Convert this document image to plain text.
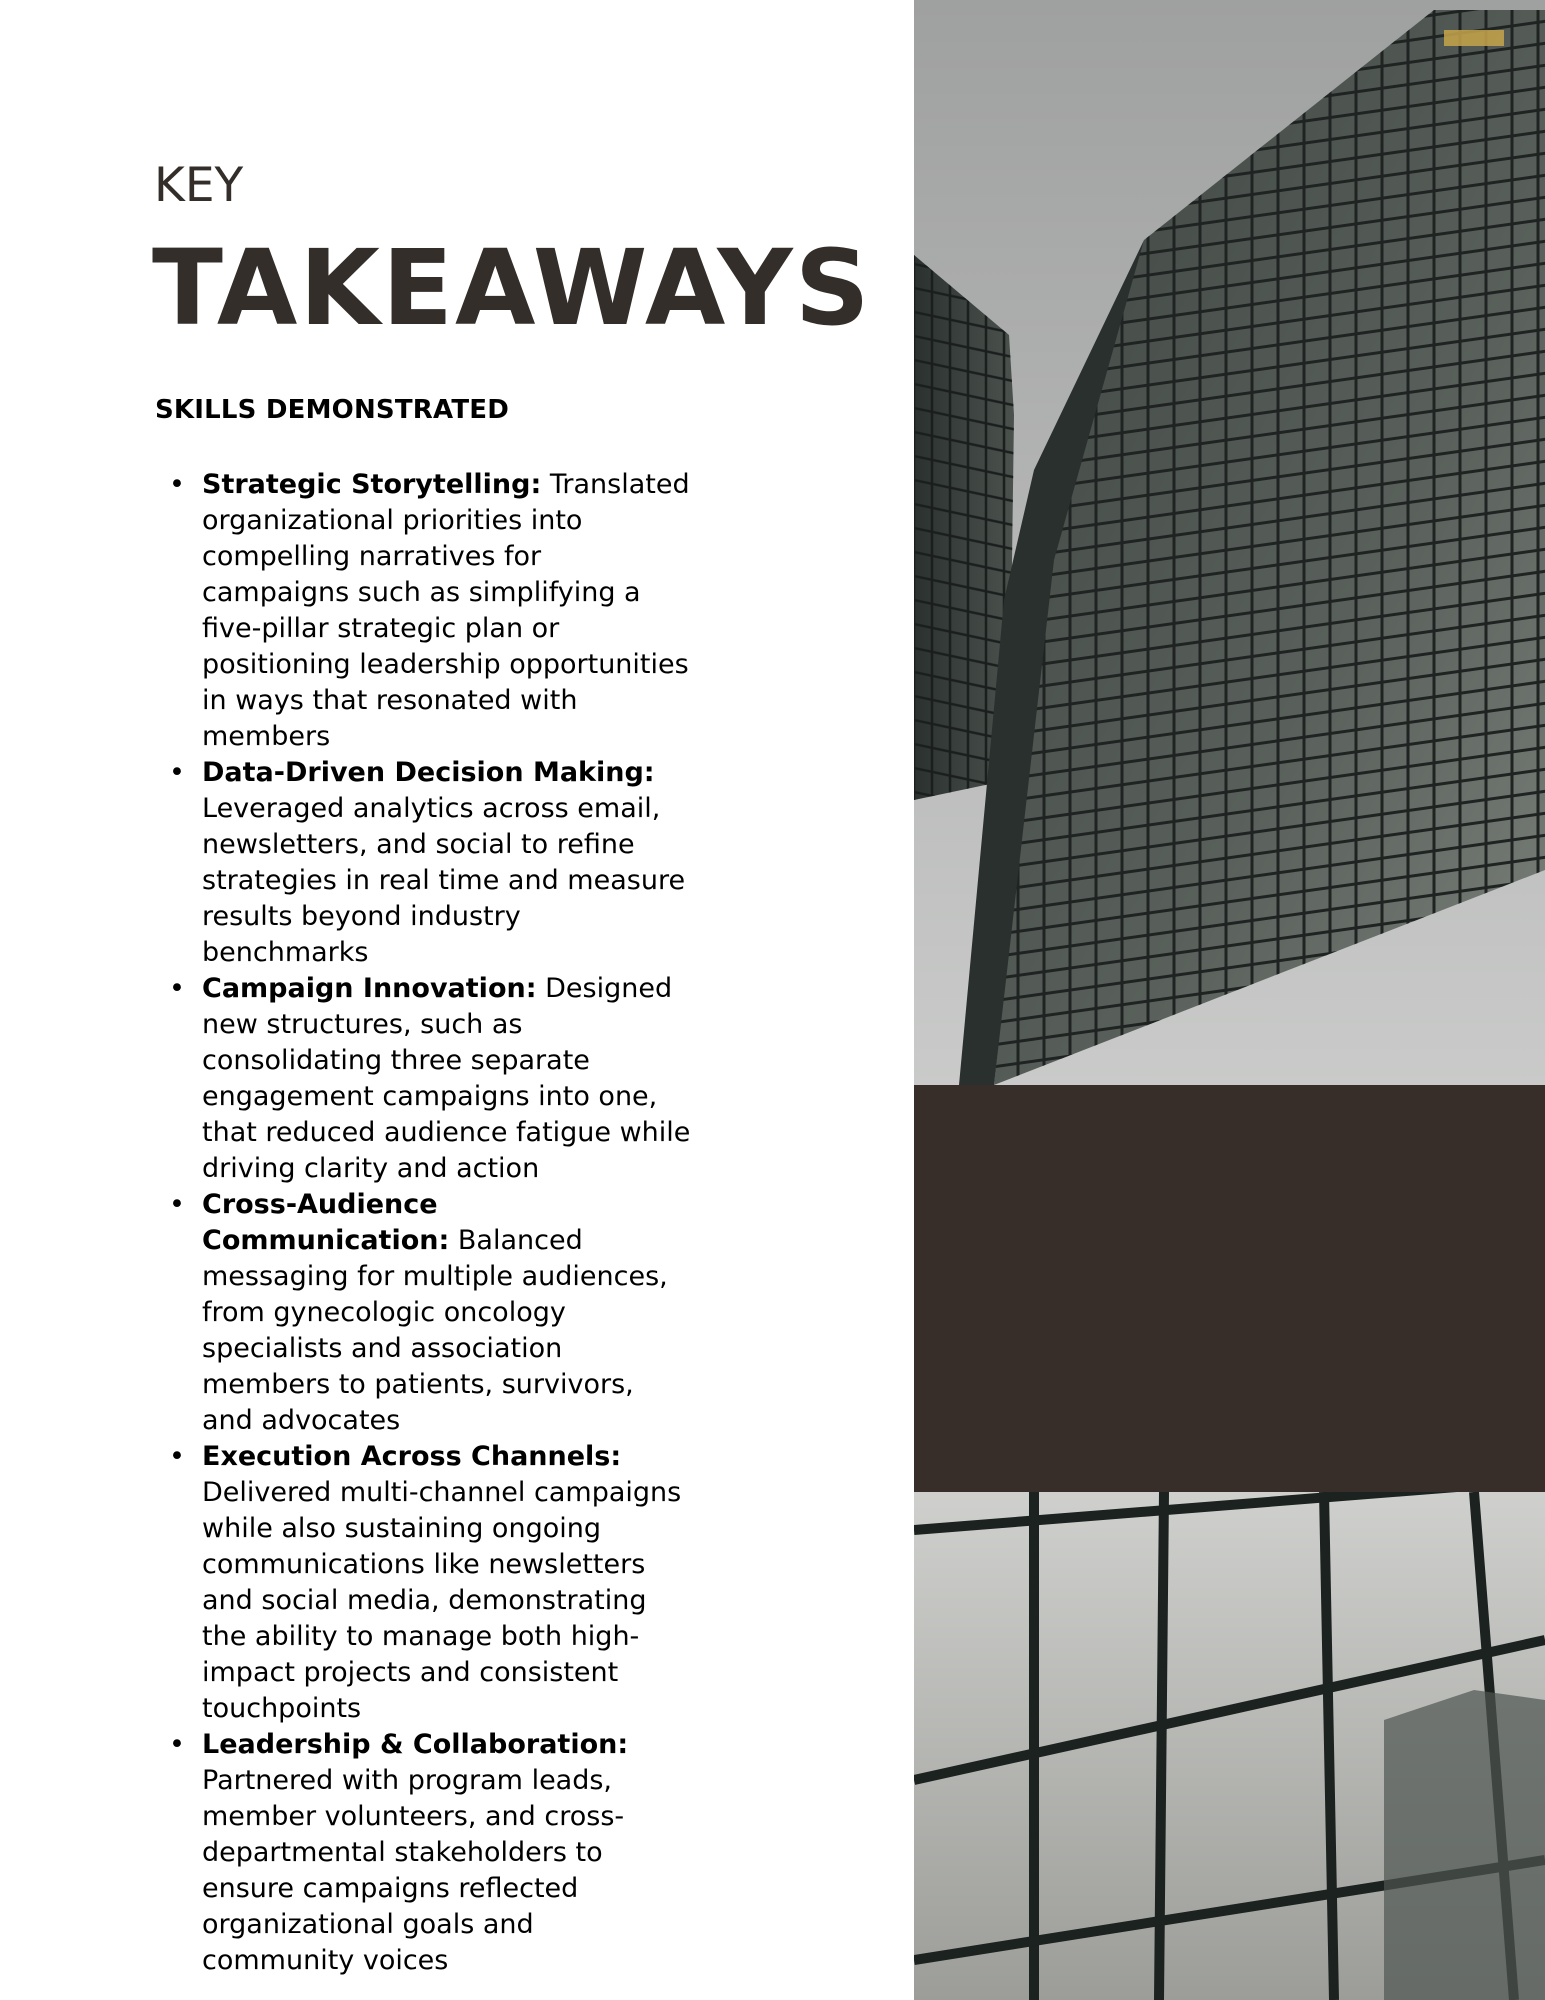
KEY
TAKEAWAYS
SKILLS DEMONSTRATED
• Strategic Storytelling: Translated organizational priorities into compelling narratives for campaigns such as simplifying a five-pillar strategic plan or positioning leadership opportunities in ways that resonated with members
• Data-Driven Decision Making: Leveraged analytics across email, newsletters, and social to refine strategies in real time and measure results beyond industry benchmarks
• Campaign Innovation: Designed new structures, such as consolidating three separate engagement campaigns into one, that reduced audience fatigue while driving clarity and action
• Cross-Audience Communication: Balanced messaging for multiple audiences, from gynecologic oncology specialists and association members to patients, survivors, and advocates
• Execution Across Channels: Delivered multi-channel campaigns while also sustaining ongoing communications like newsletters and social media, demonstrating the ability to manage both high-impact projects and consistent touchpoints
• Leadership & Collaboration: Partnered with program leads, member volunteers, and cross-departmental stakeholders to ensure campaigns reflected organizational goals and community voices
